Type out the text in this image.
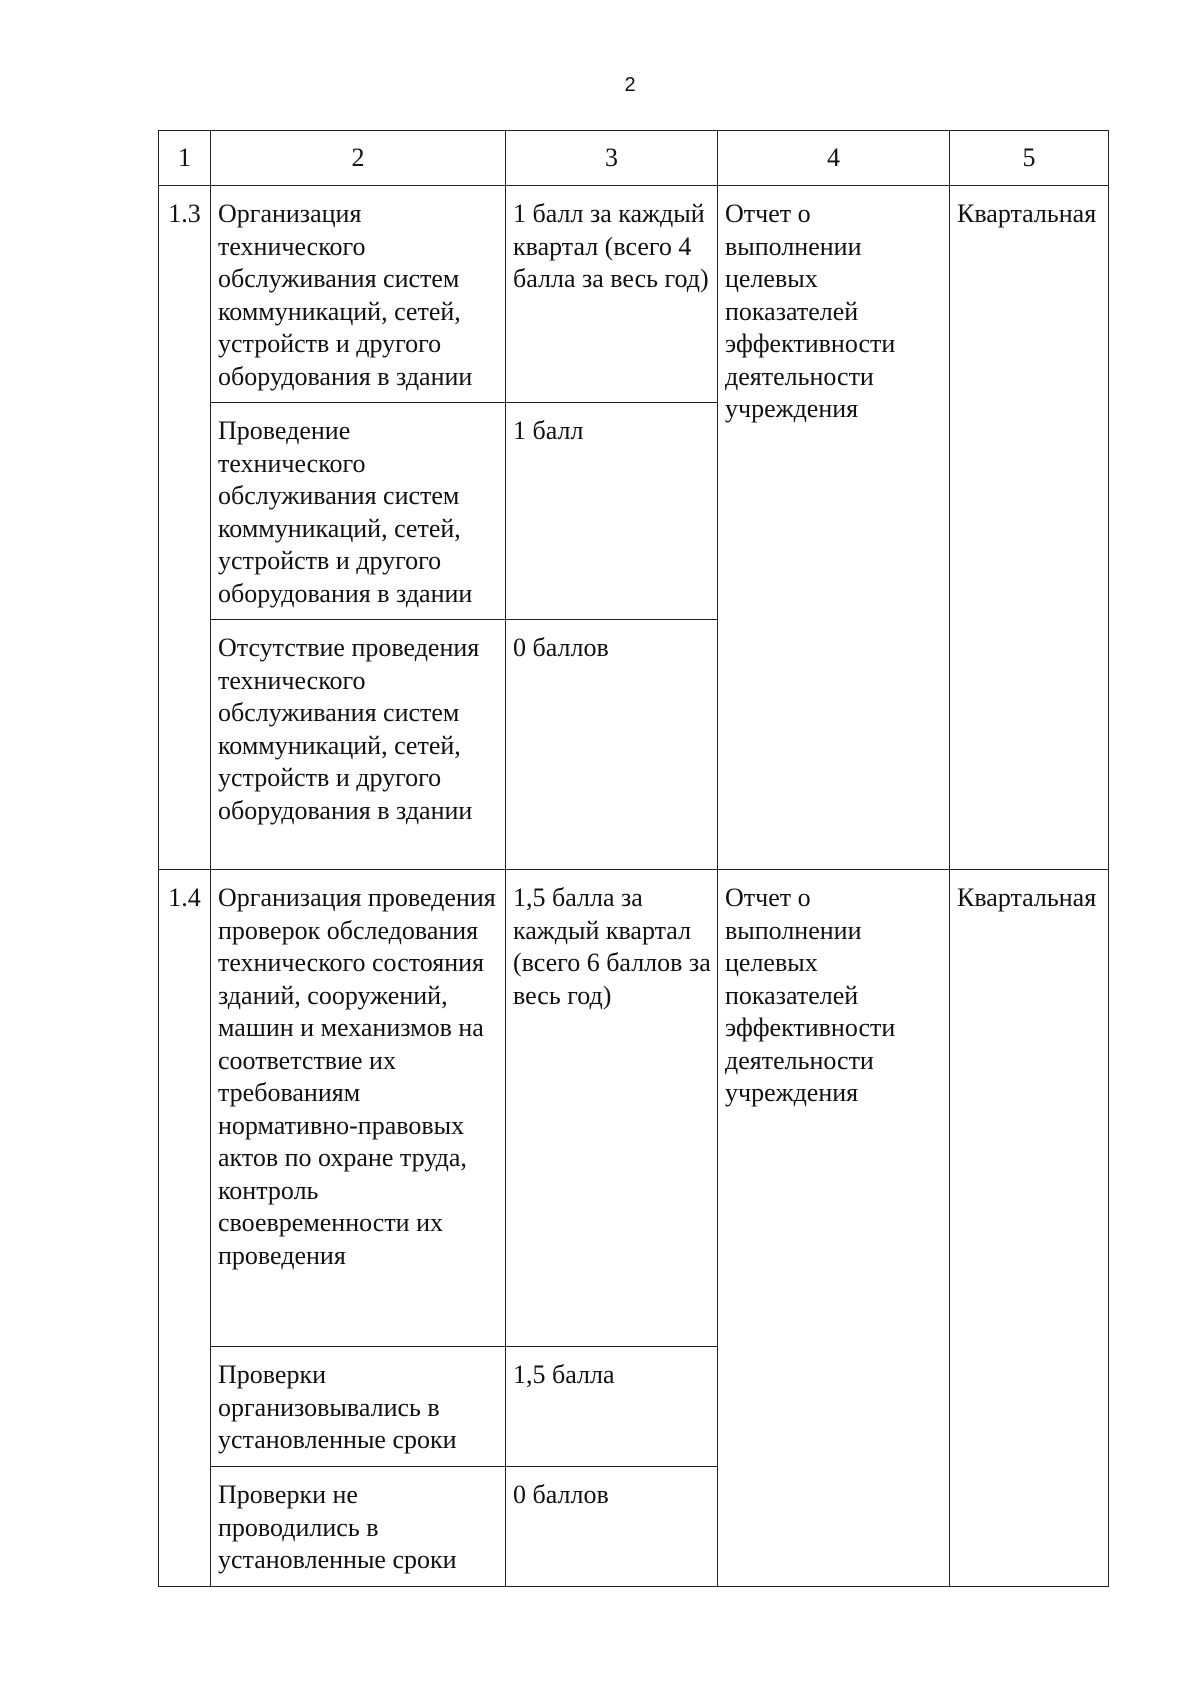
2
1	2	3	4	5
1.3	Организация технического обслуживания систем коммуникаций, сетей, устройств и другого оборудования в здании	1 балл за каждый квартал (всего 4 балла за весь год)	Отчет о выполнении целевых показателей эффективности деятельности учреждения	Квартальная
	Проведение технического обслуживания систем коммуникаций, сетей, устройств и другого оборудования в здании	1 балл		
	Отсутствие проведения технического обслуживания систем коммуникаций, сетей, устройств и другого оборудования в здании	0 баллов		
1.4	Организация проведения проверок обследования технического состояния зданий, сооружений, машин и механизмов на соответствие их требованиям нормативно-правовых актов по охране труда, контроль своевременности их проведения	1,5 балла за каждый квартал (всего 6 баллов за весь год)	Отчет о выполнении целевых показателей эффективности деятельности учреждения	Квартальная
	Проверки организовывались в установленные сроки	1,5 балла		
	Проверки не проводились в установленные сроки	0 баллов		
